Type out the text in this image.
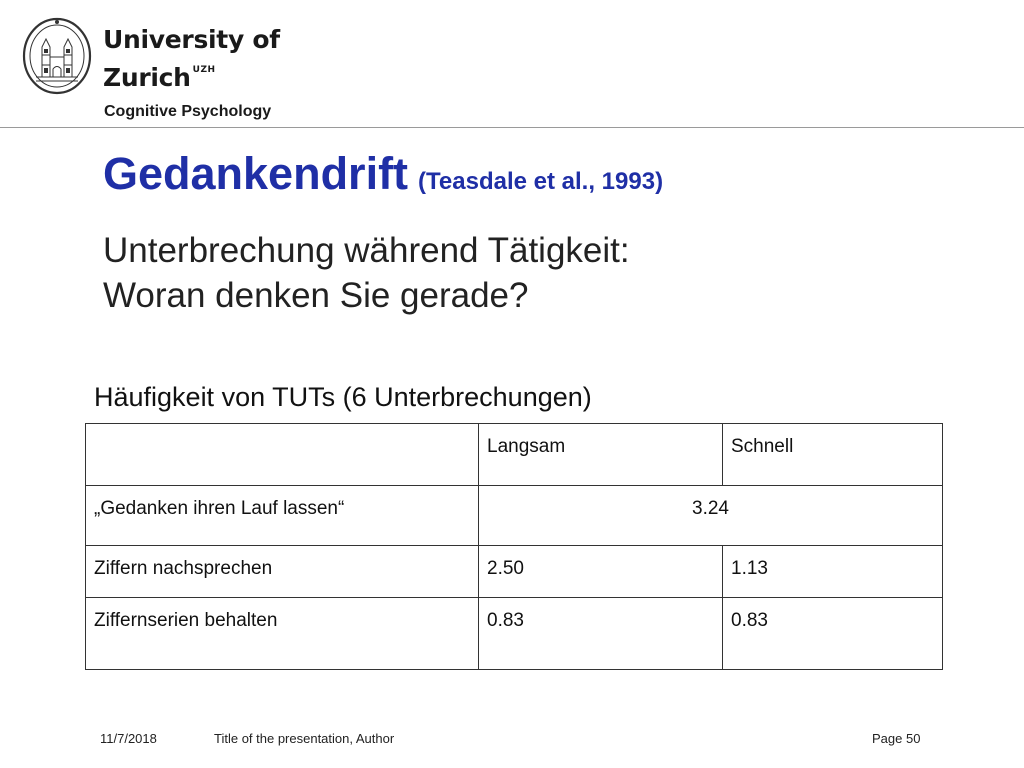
University of
Zurich $^{UZH}$
Cognitive Psychology
Gedankendrift (Teasdale et al., 1993)
Unterbrechung während Tätigkeit:
Woran denken Sie gerade?
Häufigkeit von TUTs (6 Unterbrechungen)
	Langsam	Schnell
„Gedanken ihren Lauf lassen“	3.24	
Ziffern nachsprechen	2.50	1.13
Ziffernserien behalten	0.83	0.83
11/7/2018	Title of the presentation, Author	Page 50
